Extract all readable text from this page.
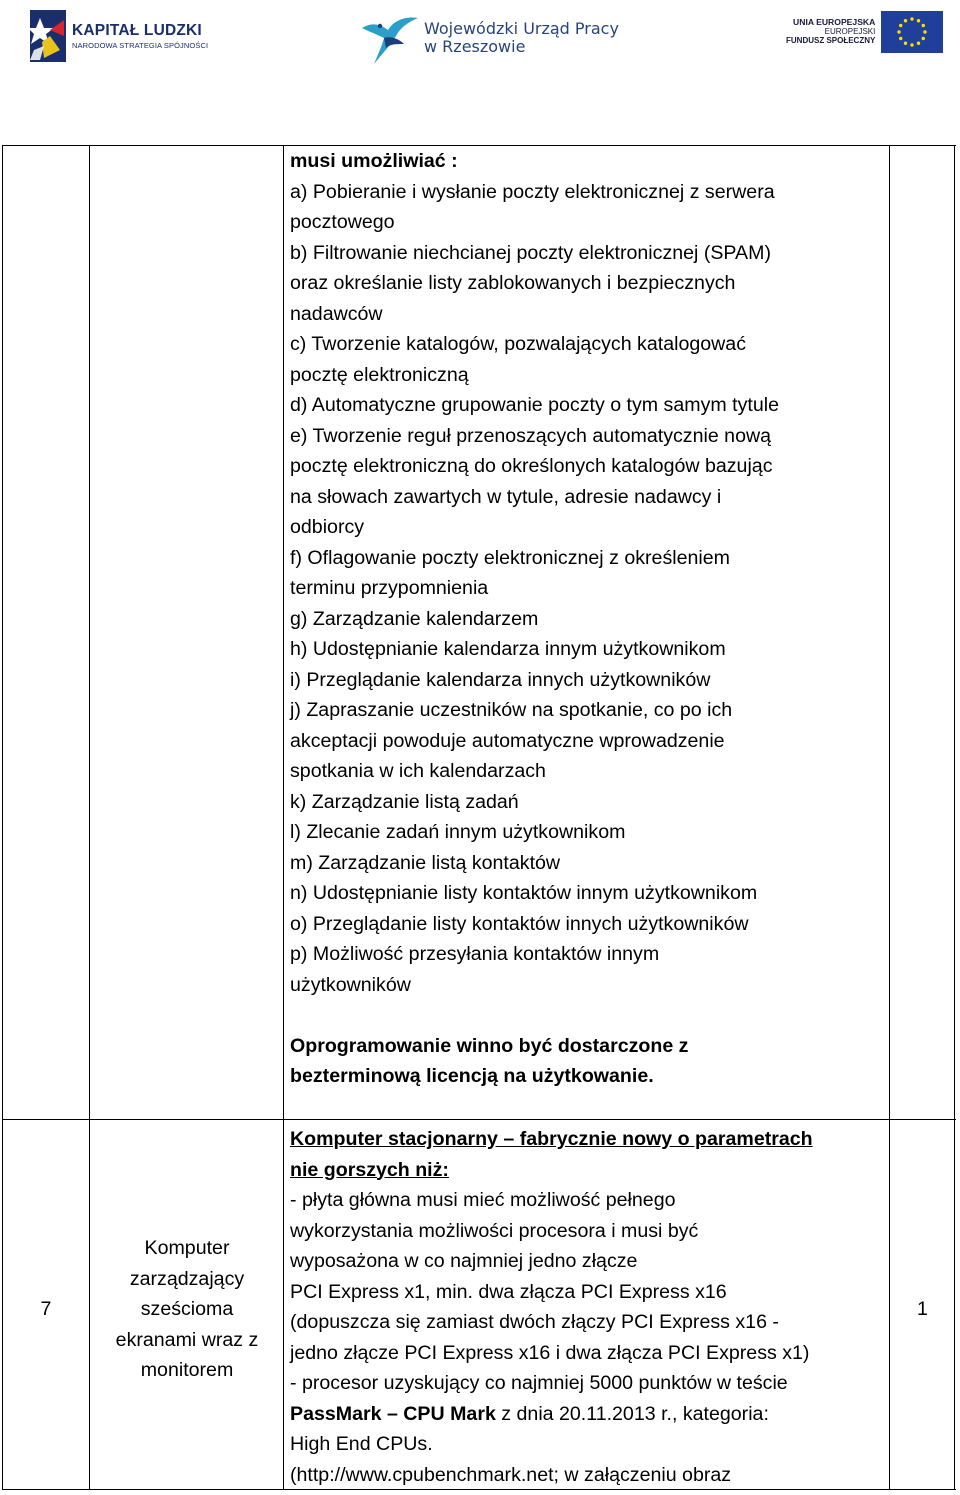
KAPITAŁ LUDZKI
NARODOWA STRATEGIA SPÓJNOŚCI
Wojewódzki Urząd Pracy
w Rzeszowie
UNIA EUROPEJSKA
EUROPEJSKI
FUNDUSZ SPOŁECZNY
musi umożliwiać :
a) Pobieranie i wysłanie poczty elektronicznej z serwera
pocztowego
b) Filtrowanie niechcianej poczty elektronicznej (SPAM)
oraz określanie listy zablokowanych i bezpiecznych
nadawców
c) Tworzenie katalogów, pozwalających katalogować
pocztę elektroniczną
d) Automatyczne grupowanie poczty o tym samym tytule
e) Tworzenie reguł przenoszących automatycznie nową
pocztę elektroniczną do określonych katalogów bazując
na słowach zawartych w tytule, adresie nadawcy i
odbiorcy
f) Oflagowanie poczty elektronicznej z określeniem
terminu przypomnienia
g) Zarządzanie kalendarzem
h) Udostępnianie kalendarza innym użytkownikom
i) Przeglądanie kalendarza innych użytkowników
j) Zapraszanie uczestników na spotkanie, co po ich
akceptacji powoduje automatyczne wprowadzenie
spotkania w ich kalendarzach
k) Zarządzanie listą zadań
l) Zlecanie zadań innym użytkownikom
m) Zarządzanie listą kontaktów
n) Udostępnianie listy kontaktów innym użytkownikom
o) Przeglądanie listy kontaktów innych użytkowników
p) Możliwość przesyłania kontaktów innym
użytkowników
Oprogramowanie winno być dostarczone z
bezterminową licencją na użytkowanie.
7
Komputer
zarządzający
sześcioma
ekranami wraz z
monitorem
1
Komputer stacjonarny – fabrycznie nowy o parametrach
nie gorszych niż:
- płyta główna musi mieć możliwość pełnego
wykorzystania możliwości procesora i musi być
wyposażona w co najmniej jedno złącze
PCI Express x1, min. dwa złącza PCI Express x16
(dopuszcza się zamiast dwóch złączy PCI Express x16 -
jedno złącze PCI Express x16 i dwa złącza PCI Express x1)
- procesor uzyskujący co najmniej 5000 punktów w teście
PassMark – CPU Mark z dnia 20.11.2013 r., kategoria:
High End CPUs.
(http://www.cpubenchmark.net; w załączeniu obraz
